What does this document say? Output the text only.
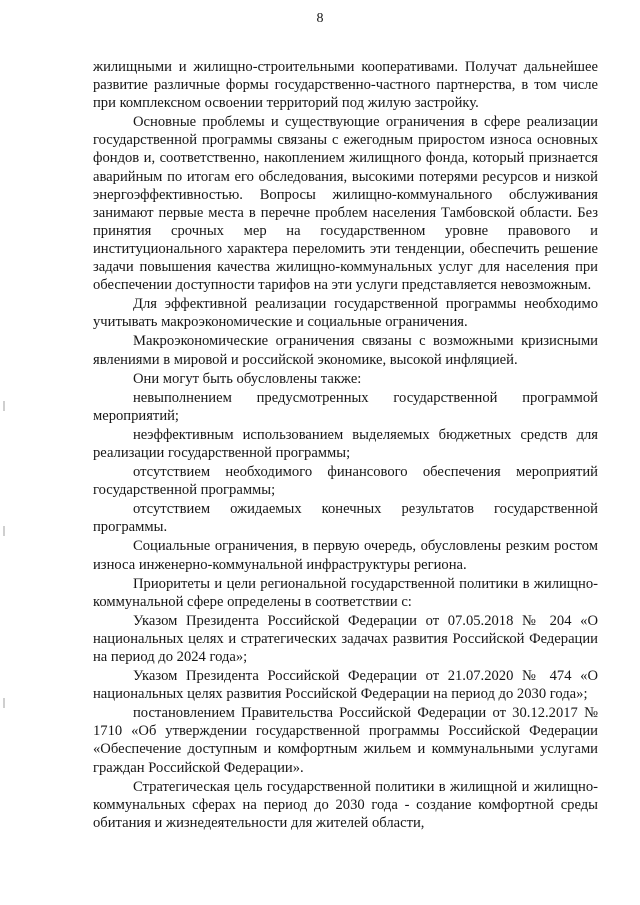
8

жилищными и жилищно-строительными кооперативами. Получат дальнейшее развитие различные формы государственно-частного партнерства, в том числе при комплексном освоении территорий под жилую застройку.

Основные проблемы и существующие ограничения в сфере реализации государственной программы связаны с ежегодным приростом износа основных фондов и, соответственно, накоплением жилищного фонда, который признается аварийным по итогам его обследования, высокими потерями ресурсов и низкой энергоэффективностью. Вопросы жилищно-коммунального обслуживания занимают первые места в перечне проблем населения Тамбовской области. Без принятия срочных мер на государственном уровне правового и институционального характера переломить эти тенденции, обеспечить решение задачи повышения качества жилищно-коммунальных услуг для населения при обеспечении доступности тарифов на эти услуги представляется невозможным.

Для эффективной реализации государственной программы необходимо учитывать макроэкономические и социальные ограничения.

Макроэкономические ограничения связаны с возможными кризисными явлениями в мировой и российской экономике, высокой инфляцией.

Они могут быть обусловлены также:

невыполнением предусмотренных государственной программой мероприятий;

неэффективным использованием выделяемых бюджетных средств для реализации государственной программы;

отсутствием необходимого финансового обеспечения мероприятий государственной программы;

отсутствием ожидаемых конечных результатов государственной программы.

Социальные ограничения, в первую очередь, обусловлены резким ростом износа инженерно-коммунальной инфраструктуры региона.

Приоритеты и цели региональной государственной политики в жилищно-коммунальной сфере определены в соответствии с:

Указом Президента Российской Федерации от 07.05.2018 № 204 «О национальных целях и стратегических задачах развития Российской Федерации на период до 2024 года»;

Указом Президента Российской Федерации от 21.07.2020 № 474 «О национальных целях развития Российской Федерации на период до 2030 года»;

постановлением Правительства Российской Федерации от 30.12.2017 № 1710 «Об утверждении государственной программы Российской Федерации «Обеспечение доступным и комфортным жильем и коммунальными услугами граждан Российской Федерации».

Стратегическая цель государственной политики в жилищной и жилищно-коммунальных сферах на период до 2030 года - создание комфортной среды обитания и жизнедеятельности для жителей области,
